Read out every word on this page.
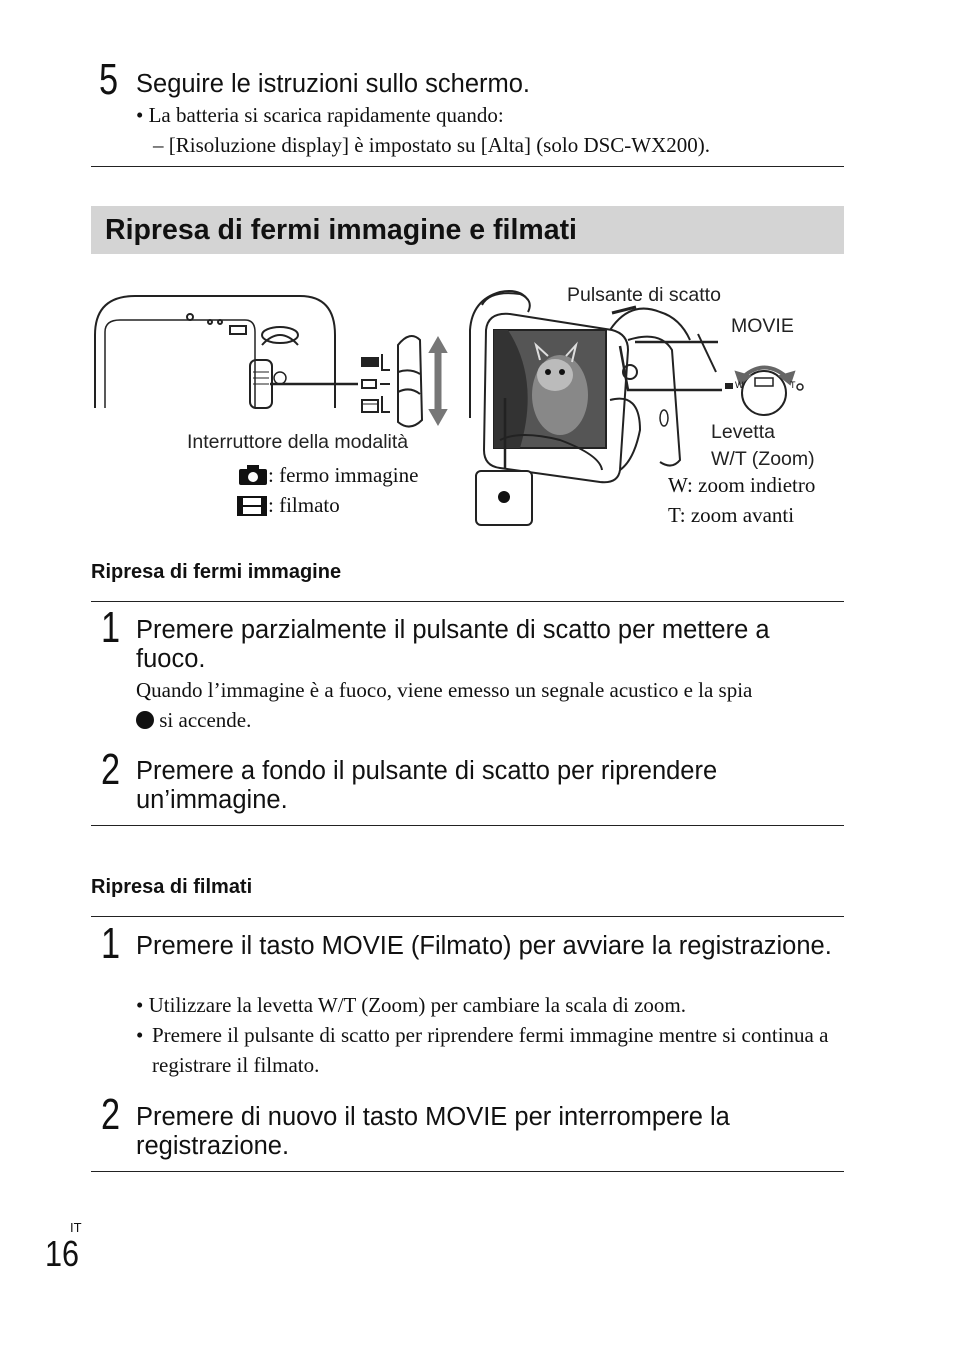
5 Seguire le istruzioni sullo schermo.
• La batteria si scarica rapidamente quando:
– [Risoluzione display] è impostato su [Alta] (solo DSC-WX200).
Ripresa di fermi immagine e filmati
Pulsante di scatto
MOVIE
W	T
Levetta
W/T (Zoom)
W: zoom indietro
T: zoom avanti
Interruttore della modalità
: fermo immagine
: filmato
Ripresa di fermi immagine
1 Premere parzialmente il pulsante di scatto per mettere a fuoco.
Quando l’immagine è a fuoco, viene emesso un segnale acustico e la spia
si accende.
2 Premere a fondo il pulsante di scatto per riprendere un’immagine.
Ripresa di filmati
1 Premere il tasto MOVIE (Filmato) per avviare la registrazione.
• Utilizzare la levetta W/T (Zoom) per cambiare la scala di zoom.
• Premere il pulsante di scatto per riprendere fermi immagine mentre si continua a registrare il filmato.
2 Premere di nuovo il tasto MOVIE per interrompere la registrazione.
IT
16
